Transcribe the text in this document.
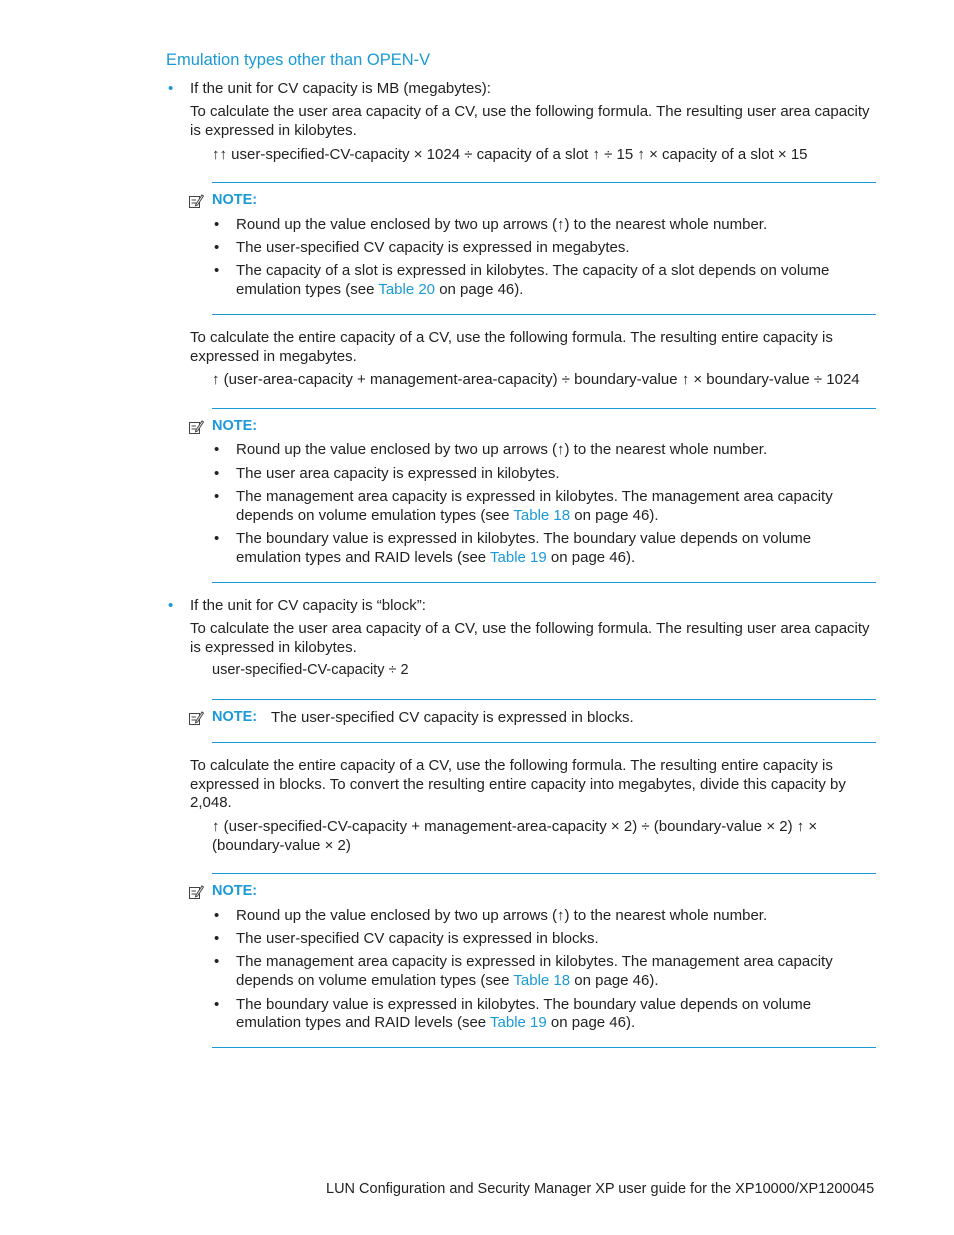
Emulation types other than OPEN-V
• If the unit for CV capacity is MB (megabytes):
To calculate the user area capacity of a CV, use the following formula. The resulting user area capacity
is expressed in kilobytes.
↑↑ user-specified-CV-capacity × 1024 ÷ capacity of a slot ↑ ÷ 15 ↑ × capacity of a slot × 15
NOTE:
• Round up the value enclosed by two up arrows (↑) to the nearest whole number.
• The user-specified CV capacity is expressed in megabytes.
• The capacity of a slot is expressed in kilobytes. The capacity of a slot depends on volume
emulation types (see Table 20 on page 46).
To calculate the entire capacity of a CV, use the following formula. The resulting entire capacity is
expressed in megabytes.
↑ (user-area-capacity + management-area-capacity) ÷ boundary-value ↑ × boundary-value ÷ 1024
NOTE:
• Round up the value enclosed by two up arrows (↑) to the nearest whole number.
• The user area capacity is expressed in kilobytes.
• The management area capacity is expressed in kilobytes. The management area capacity
depends on volume emulation types (see Table 18 on page 46).
• The boundary value is expressed in kilobytes. The boundary value depends on volume
emulation types and RAID levels (see Table 19 on page 46).
• If the unit for CV capacity is “block”:
To calculate the user area capacity of a CV, use the following formula. The resulting user area capacity
is expressed in kilobytes.
user-specified-CV-capacity ÷ 2
NOTE: The user-specified CV capacity is expressed in blocks.
To calculate the entire capacity of a CV, use the following formula. The resulting entire capacity is
expressed in blocks. To convert the resulting entire capacity into megabytes, divide this capacity by
2,048.
↑ (user-specified-CV-capacity + management-area-capacity × 2) ÷ (boundary-value × 2) ↑ ×
(boundary-value × 2)
NOTE:
• Round up the value enclosed by two up arrows (↑) to the nearest whole number.
• The user-specified CV capacity is expressed in blocks.
• The management area capacity is expressed in kilobytes. The management area capacity
depends on volume emulation types (see Table 18 on page 46).
• The boundary value is expressed in kilobytes. The boundary value depends on volume
emulation types and RAID levels (see Table 19 on page 46).
LUN Configuration and Security Manager XP user guide for the XP10000/XP12000 45
